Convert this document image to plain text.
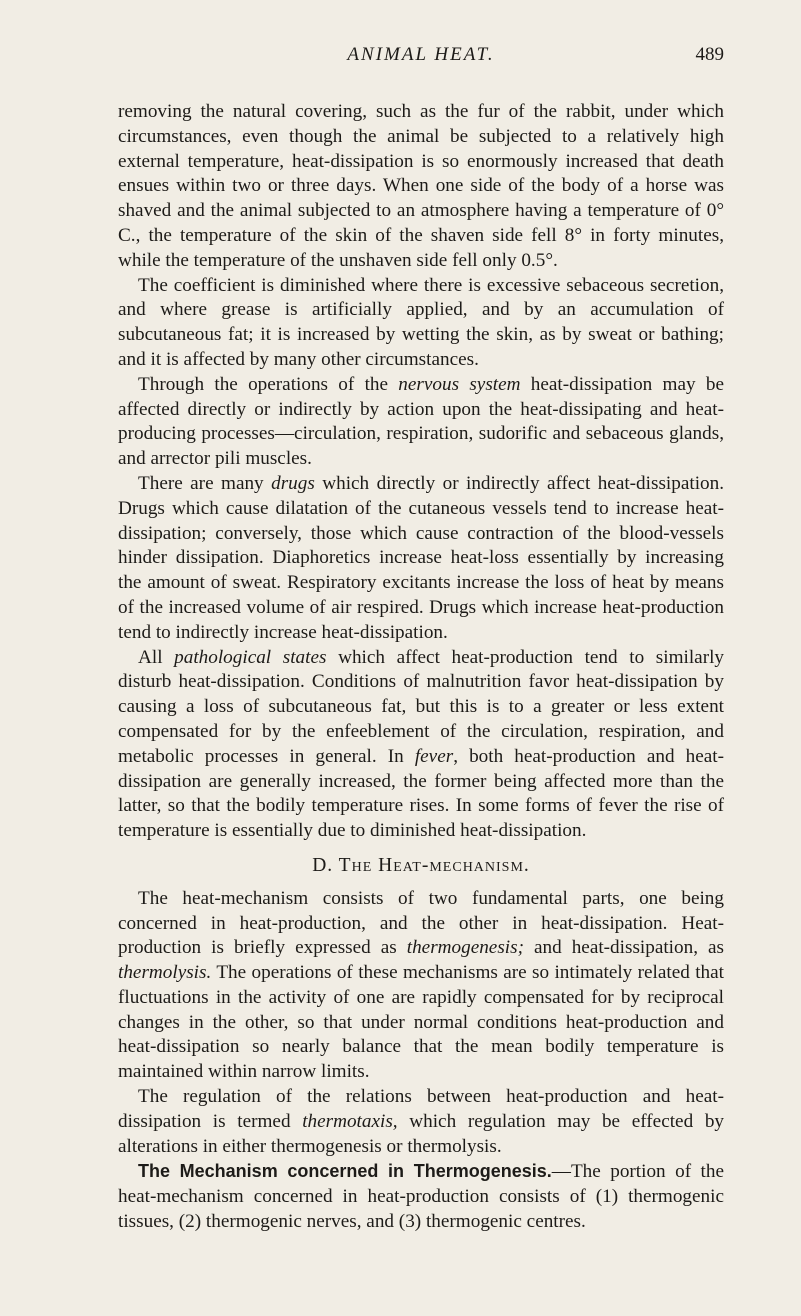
ANIMAL HEAT.	489

removing the natural covering, such as the fur of the rabbit, under which circumstances, even though the animal be subjected to a relatively high external temperature, heat-dissipation is so enormously increased that death ensues within two or three days. When one side of the body of a horse was shaved and the animal subjected to an atmosphere having a temperature of 0° C., the temperature of the skin of the shaven side fell 8° in forty minutes, while the temperature of the unshaven side fell only 0.5°.

The coefficient is diminished where there is excessive sebaceous secretion, and where grease is artificially applied, and by an accumulation of subcutaneous fat; it is increased by wetting the skin, as by sweat or bathing; and it is affected by many other circumstances.

Through the operations of the nervous system heat-dissipation may be affected directly or indirectly by action upon the heat-dissipating and heat-producing processes—circulation, respiration, sudorific and sebaceous glands, and arrector pili muscles.

There are many drugs which directly or indirectly affect heat-dissipation. Drugs which cause dilatation of the cutaneous vessels tend to increase heat-dissipation; conversely, those which cause contraction of the blood-vessels hinder dissipation. Diaphoretics increase heat-loss essentially by increasing the amount of sweat. Respiratory excitants increase the loss of heat by means of the increased volume of air respired. Drugs which increase heat-production tend to indirectly increase heat-dissipation.

All pathological states which affect heat-production tend to similarly disturb heat-dissipation. Conditions of malnutrition favor heat-dissipation by causing a loss of subcutaneous fat, but this is to a greater or less extent compensated for by the enfeeblement of the circulation, respiration, and metabolic processes in general. In fever, both heat-production and heat-dissipation are generally increased, the former being affected more than the latter, so that the bodily temperature rises. In some forms of fever the rise of temperature is essentially due to diminished heat-dissipation.

D. The Heat-mechanism.

The heat-mechanism consists of two fundamental parts, one being concerned in heat-production, and the other in heat-dissipation. Heat-production is briefly expressed as thermogenesis; and heat-dissipation, as thermolysis. The operations of these mechanisms are so intimately related that fluctuations in the activity of one are rapidly compensated for by reciprocal changes in the other, so that under normal conditions heat-production and heat-dissipation so nearly balance that the mean bodily temperature is maintained within narrow limits.

The regulation of the relations between heat-production and heat-dissipation is termed thermotaxis, which regulation may be effected by alterations in either thermogenesis or thermolysis.

The Mechanism concerned in Thermogenesis.—The portion of the heat-mechanism concerned in heat-production consists of (1) thermogenic tissues, (2) thermogenic nerves, and (3) thermogenic centres.
